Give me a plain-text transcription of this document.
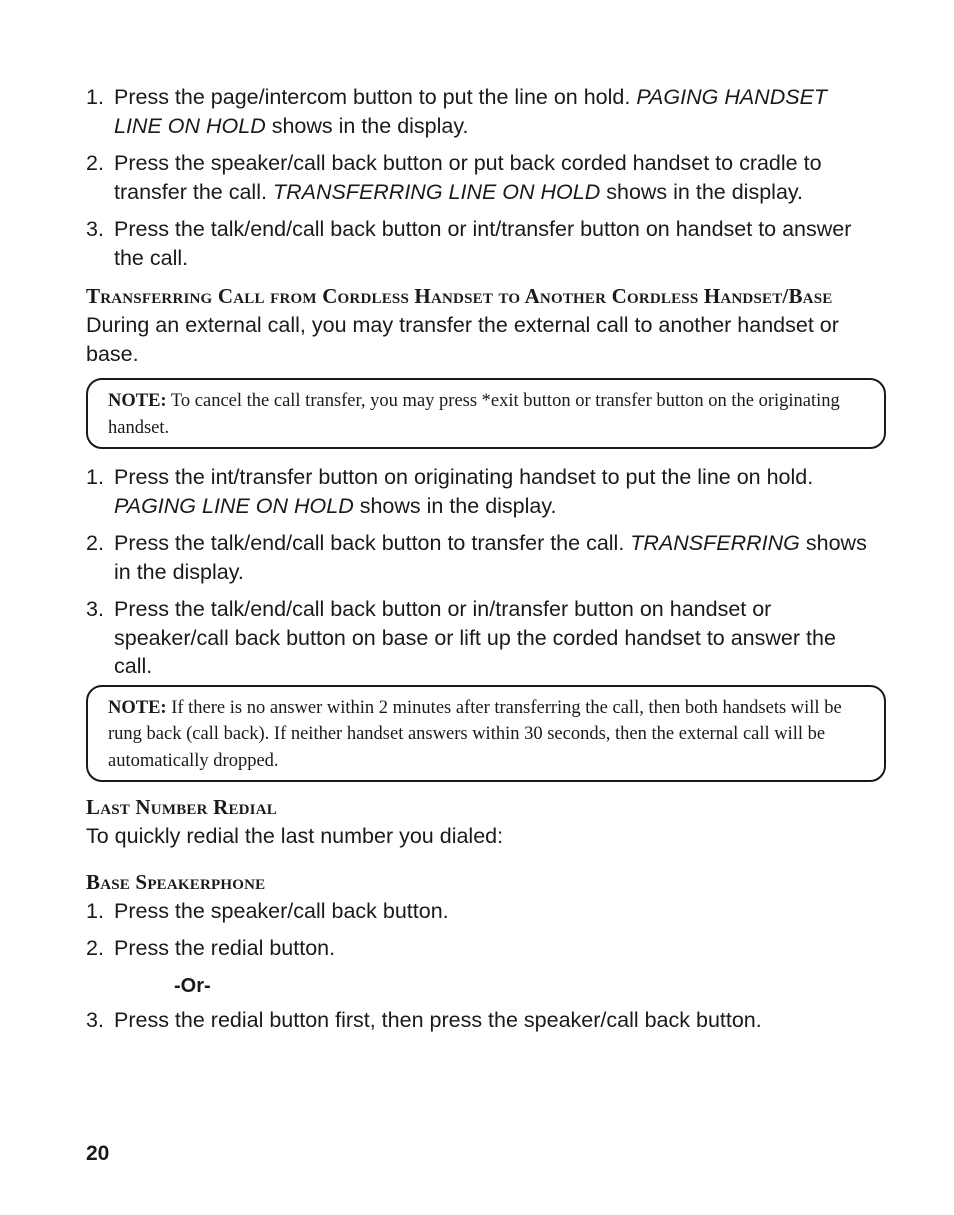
1. Press the page/intercom button to put the line on hold. PAGING HANDSET LINE ON HOLD shows in the display.
2. Press the speaker/call back button or put back corded handset to cradle to transfer the call. TRANSFERRING LINE ON HOLD shows in the display.
3. Press the talk/end/call back button or int/transfer button on handset to answer the call.
Transferring Call from Cordless Handset to Another Cordless Handset/Base
During an external call, you may transfer the external call to another handset or base.
NOTE: To cancel the call transfer, you may press *exit button or transfer button on the originating handset.
1. Press the int/transfer button on originating handset to put the line on hold. PAGING LINE ON HOLD shows in the display.
2. Press the talk/end/call back button to transfer the call. TRANSFERRING shows in the display.
3. Press the talk/end/call back button or in/transfer button on handset or speaker/call back button on base or lift up the corded handset to answer the call.
NOTE: If there is no answer within 2 minutes after transferring the call, then both handsets will be rung back (call back). If neither handset answers within 30 seconds, then the external call will be automatically dropped.
Last Number Redial
To quickly redial the last number you dialed:
Base Speakerphone
1. Press the speaker/call back button.
2. Press the redial button.
-Or-
3. Press the redial button first, then press the speaker/call back button.
20
